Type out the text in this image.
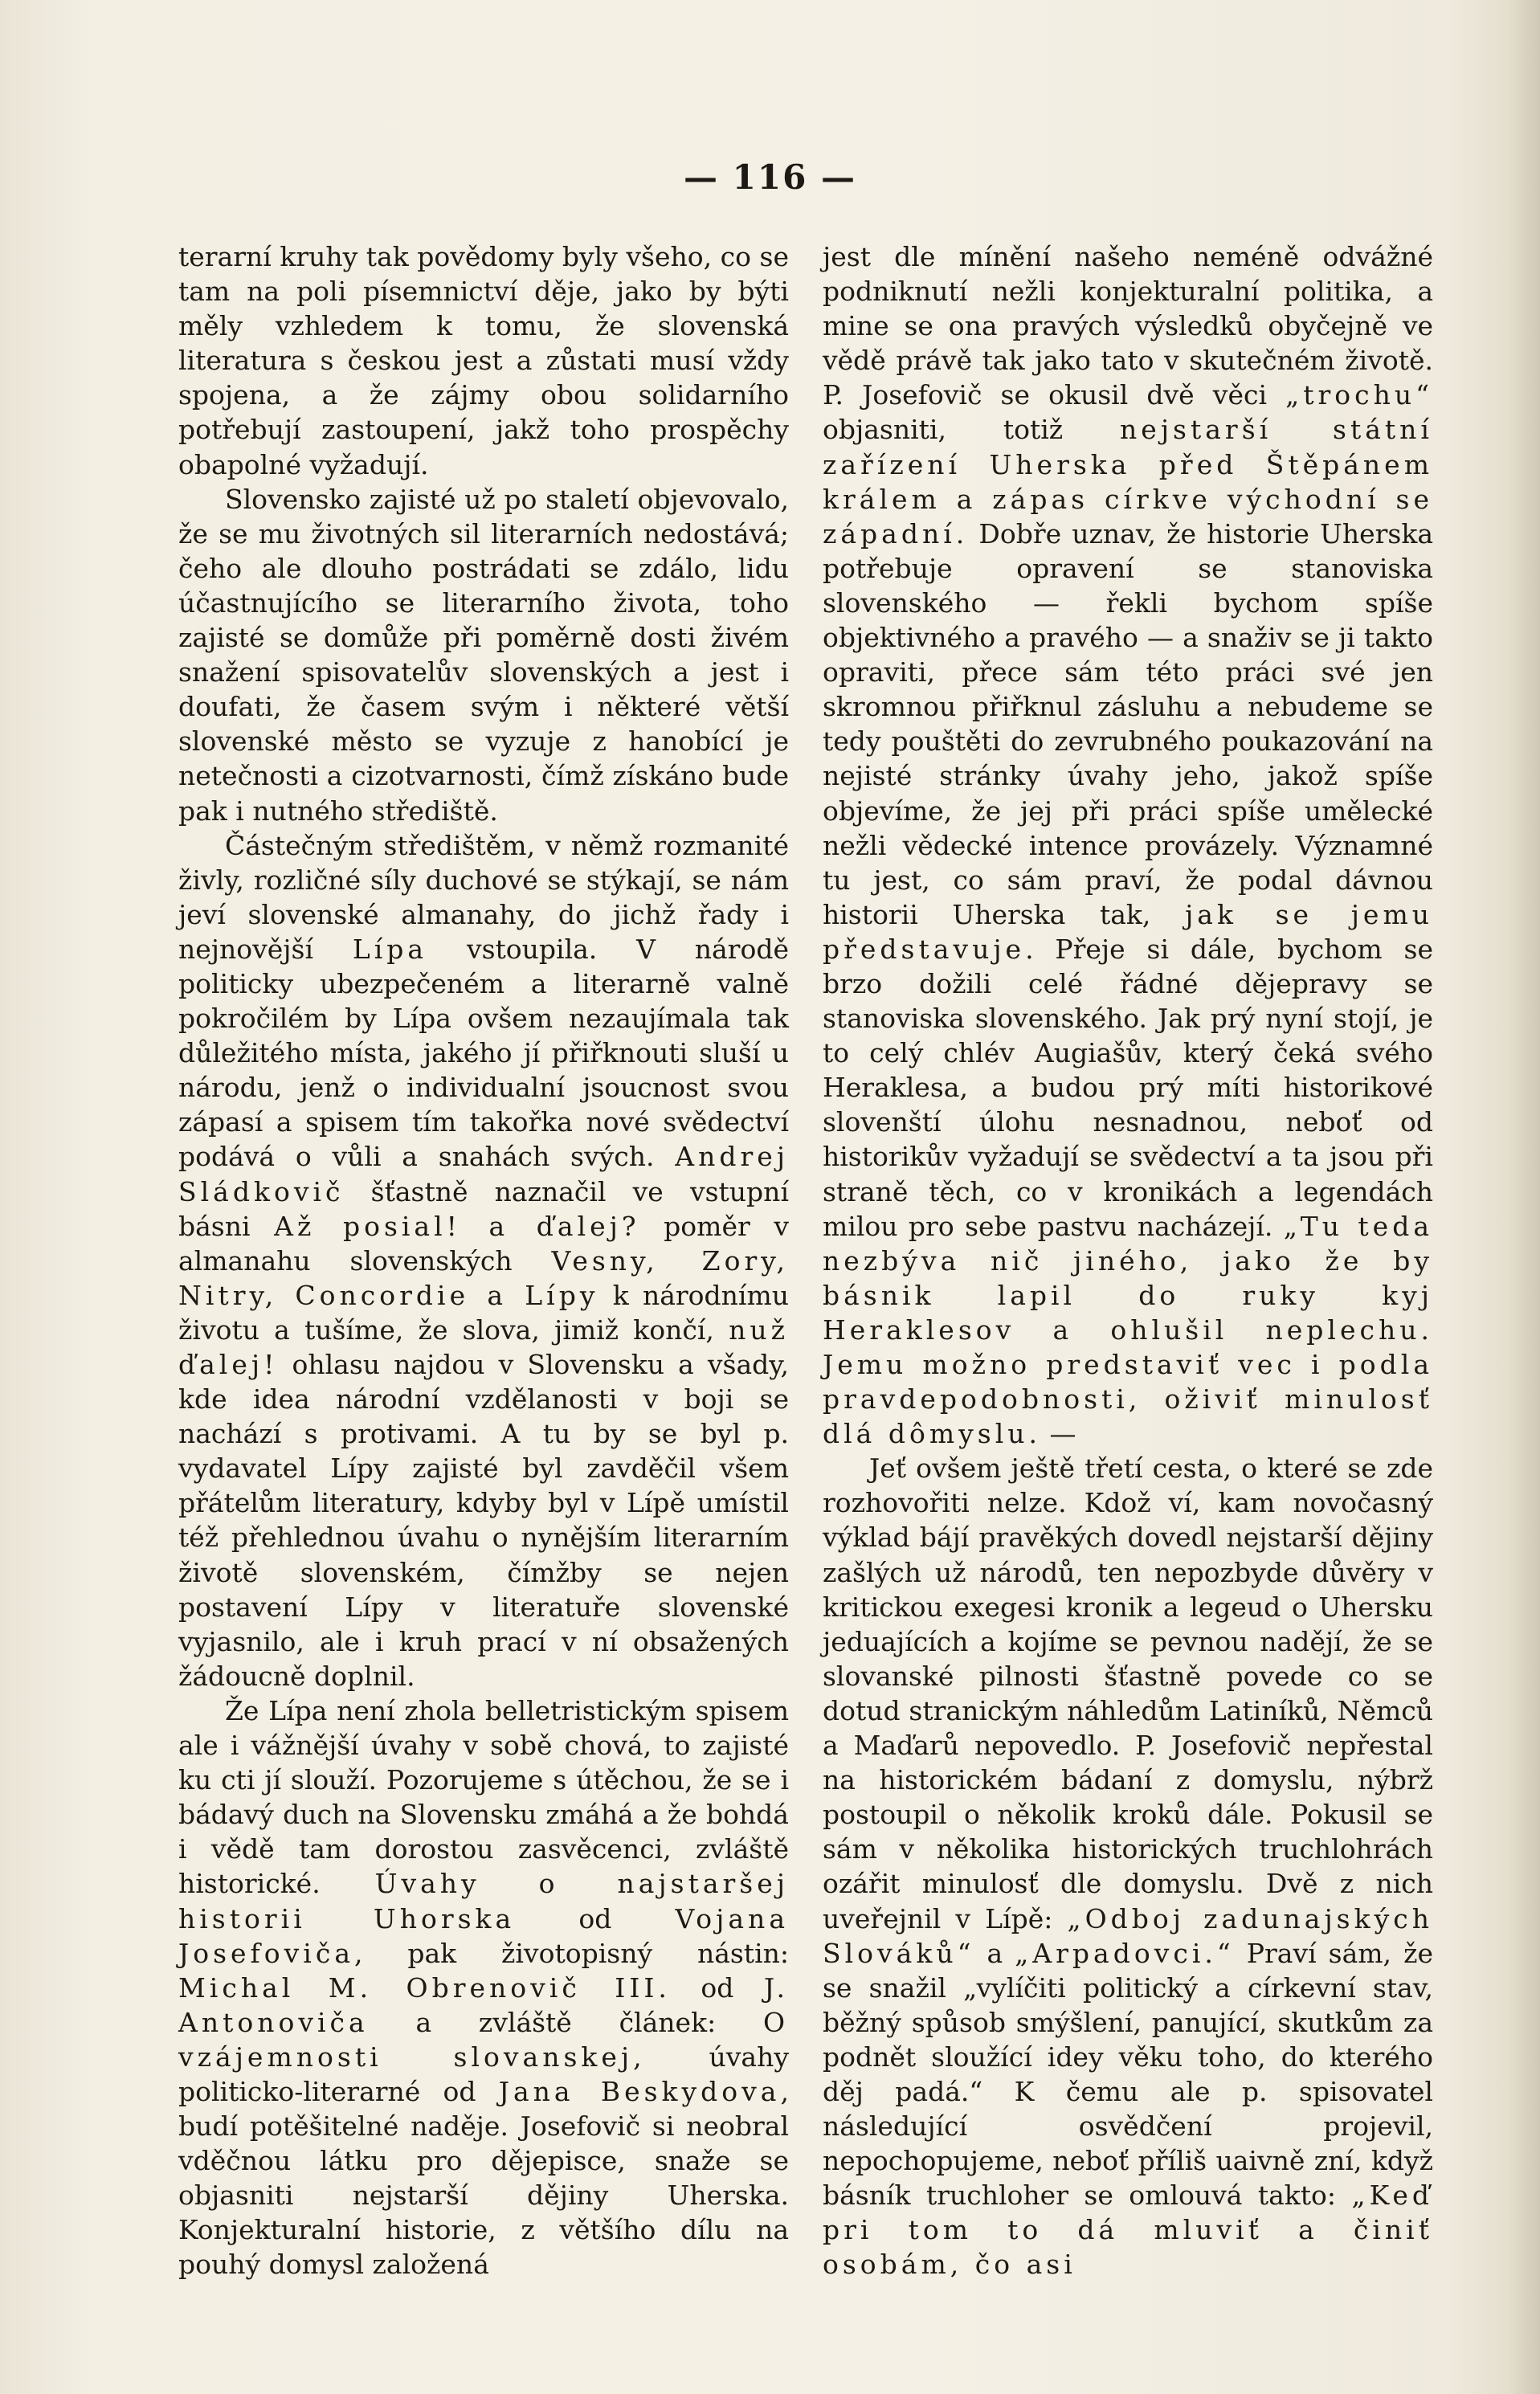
— 116 —

terarní kruhy tak povědomy byly všeho, co se tam na poli písemnictví děje, jako by býti měly vzhledem k tomu, že slovenská literatura s českou jest a zůstati musí vždy spojena, a že zájmy obou solidarního potřebují zastoupení, jakž toho prospěchy obapolné vyžadují.

Slovensko zajisté už po staletí objevovalo, že se mu životných sil literarních nedostává; čeho ale dlouho postrádati se zdálo, lidu účastnujícího se literarního života, toho zajisté se domůže při poměrně dosti živém snažení spisovatelův slovenských a jest i doufati, že časem svým i některé větší slovenské město se vyzuje z hanobící je netečnosti a cizotvarnosti, čímž získáno bude pak i nutného střediště.

Částečným středištěm, v němž rozmanité živly, rozličné síly duchové se stýkají, se nám jeví slovenské almanahy, do jichž řady i nejnovější Lípa vstoupila. V národě politicky ubezpečeném a literarně valně pokročilém by Lípa ovšem nezaujímala tak důležitého místa, jakého jí přiřknouti sluší u národu, jenž o individualní jsoucnost svou zápasí a spisem tím takořka nové svědectví podává o vůli a snahách svých. Andrej Sládkovič šťastně naznačil ve vstupní básni Až posial! a ďalej? poměr v almanahu slovenských Vesny, Zory, Nitry, Concordie a Lípy k národnímu životu a tušíme, že slova, jimiž končí, nuž ďalej! ohlasu najdou v Slovensku a všady, kde idea národní vzdělanosti v boji se nachází s protivami. A tu by se byl p. vydavatel Lípy zajisté byl zavděčil všem přátelům literatury, kdyby byl v Lípě umístil též přehlednou úvahu o nynějším literarním životě slovenském, čímžby se nejen postavení Lípy v literatuře slovenské vyjasnilo, ale i kruh prací v ní obsažených žádoucně doplnil.

Že Lípa není zhola belletristickým spisem ale i vážnější úvahy v sobě chová, to zajisté ku cti jí slouží. Pozorujeme s útěchou, že se i bádavý duch na Slovensku zmáhá a že bohdá i vědě tam dorostou zasvěcenci, zvláště historické. Úvahy o najstaršej historii Uhorska od Vojana Josefoviča, pak životopisný nástin: Michal M. Obrenovič III. od J. Antonoviča a zvláště článek: O vzájemnosti slovanskej, úvahy politicko-literarné od Jana Beskydova, budí potěšitelné naděje. Josefovič si neobral vděčnou látku pro dějepisce, snaže se objasniti nejstarší dějiny Uherska. Konjekturalní historie, z většího dílu na pouhý domysl založená

jest dle mínění našeho neméně odvážné podniknutí nežli konjekturalní politika, a mine se ona pravých výsledků obyčejně ve vědě právě tak jako tato v skutečném životě. P. Josefovič se okusil dvě věci „trochu“ objasniti, totiž nejstarší státní zařízení Uherska před Štěpánem králem a zápas církve východní se západní. Dobře uznav, že historie Uherska potřebuje opravení se stanoviska slovenského — řekli bychom spíše objektivného a pravého — a snaživ se ji takto opraviti, přece sám této práci své jen skromnou přiřknul zásluhu a nebudeme se tedy pouštěti do zevrubného poukazování na nejisté stránky úvahy jeho, jakož spíše objevíme, že jej při práci spíše umělecké nežli vědecké intence provázely. Významné tu jest, co sám praví, že podal dávnou historii Uherska tak, jak se jemu představuje. Přeje si dále, bychom se brzo dožili celé řádné dějepravy se stanoviska slovenského. Jak prý nyní stojí, je to celý chlév Augiašův, který čeká svého Heraklesa, a budou prý míti historikové slovenští úlohu nesnadnou, neboť od historikův vyžadují se svědectví a ta jsou při straně těch, co v kronikách a legendách milou pro sebe pastvu nacházejí. „Tu teda nezbýva nič jiného, jako že by básnik lapil do ruky kyj Heraklesov a ohlušil neplechu. Jemu možno predstaviť vec i podla pravdepodobnosti, oživiť minulosť dlá dômyslu. —

Jeť ovšem ještě třetí cesta, o které se zde rozhovořiti nelze. Kdož ví, kam novočasný výklad bájí pravěkých dovedl nejstarší dějiny zašlých už národů, ten nepozbyde důvěry v kritickou exegesi kronik a legeud o Uhersku jeduajících a kojíme se pevnou nadějí, že se slovanské pilnosti šťastně povede co se dotud stranickým náhledům Latiníků, Němců a Maďarů nepovedlo. P. Josefovič nepřestal na historickém bádaní z domyslu, nýbrž postoupil o několik kroků dále. Pokusil se sám v několika historických truchlohrách ozářit minulosť dle domyslu. Dvě z nich uveřejnil v Lípě: „Odboj zadunajských Slováků“ a „Arpadovci.“ Praví sám, že se snažil „vylíčiti politický a církevní stav, běžný spůsob smýšlení, panující, skutkům za podnět sloužící idey věku toho, do kterého děj padá.“ K čemu ale p. spisovatel následující osvědčení projevil, nepochopujeme, neboť příliš uaivně zní, když básník truchloher se omlouvá takto: „Keď pri tom to dá mluviť a činiť osobám, čo asi
